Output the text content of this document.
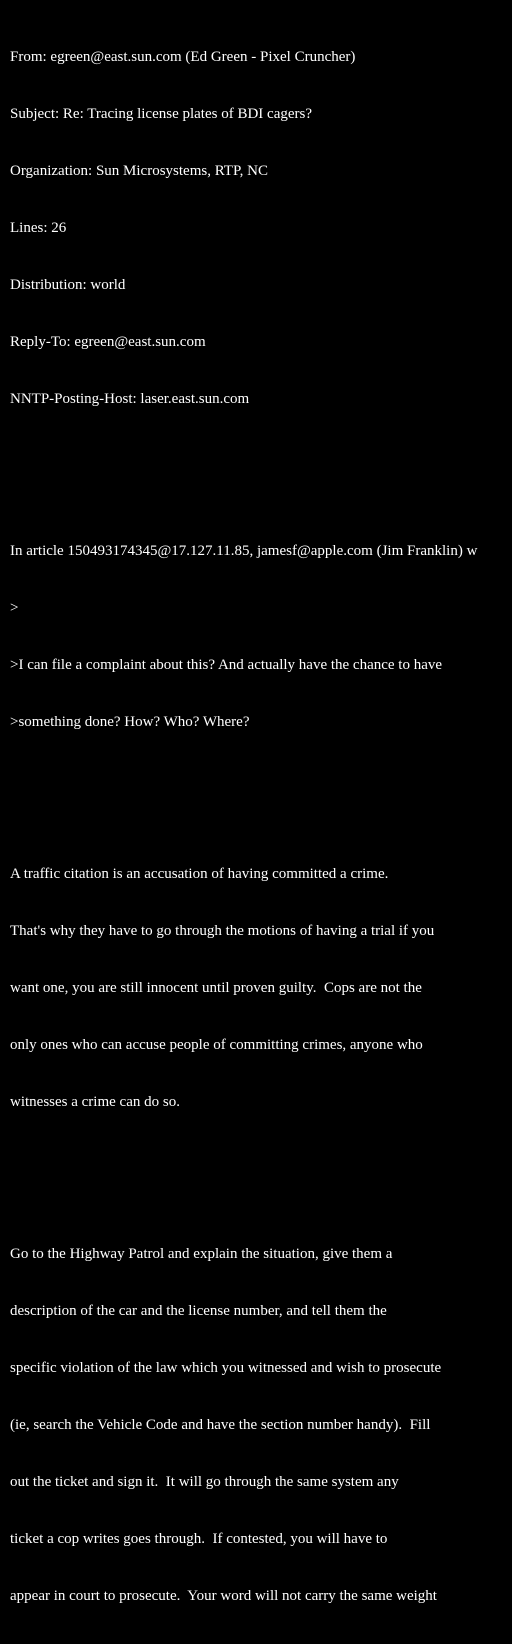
From: egreen@east.sun.com (Ed Green - Pixel Cruncher)

Subject: Re: Tracing license plates of BDI cagers?

Organization: Sun Microsystems, RTP, NC

Lines: 26

Distribution: world

Reply-To: egreen@east.sun.com

NNTP-Posting-Host: laser.east.sun.com

In article 150493174345@17.127.11.85, jamesf@apple.com (Jim Franklin) w

>

>I can file a complaint about this? And actually have the chance to have

>something done? How? Who? Where?

A traffic citation is an accusation of having committed a crime.

That's why they have to go through the motions of having a trial if you

want one, you are still innocent until proven guilty.  Cops are not the

only ones who can accuse people of committing crimes, anyone who

witnesses a crime can do so.

Go to the Highway Patrol and explain the situation, give them a

description of the car and the license number, and tell them the

specific violation of the law which you witnessed and wish to prosecute

(ie, search the Vehicle Code and have the section number handy).  Fill

out the ticket and sign it.  It will go through the same system any

ticket a cop writes goes through.  If contested, you will have to

appear in court to prosecute.  Your word will not carry the same weight
